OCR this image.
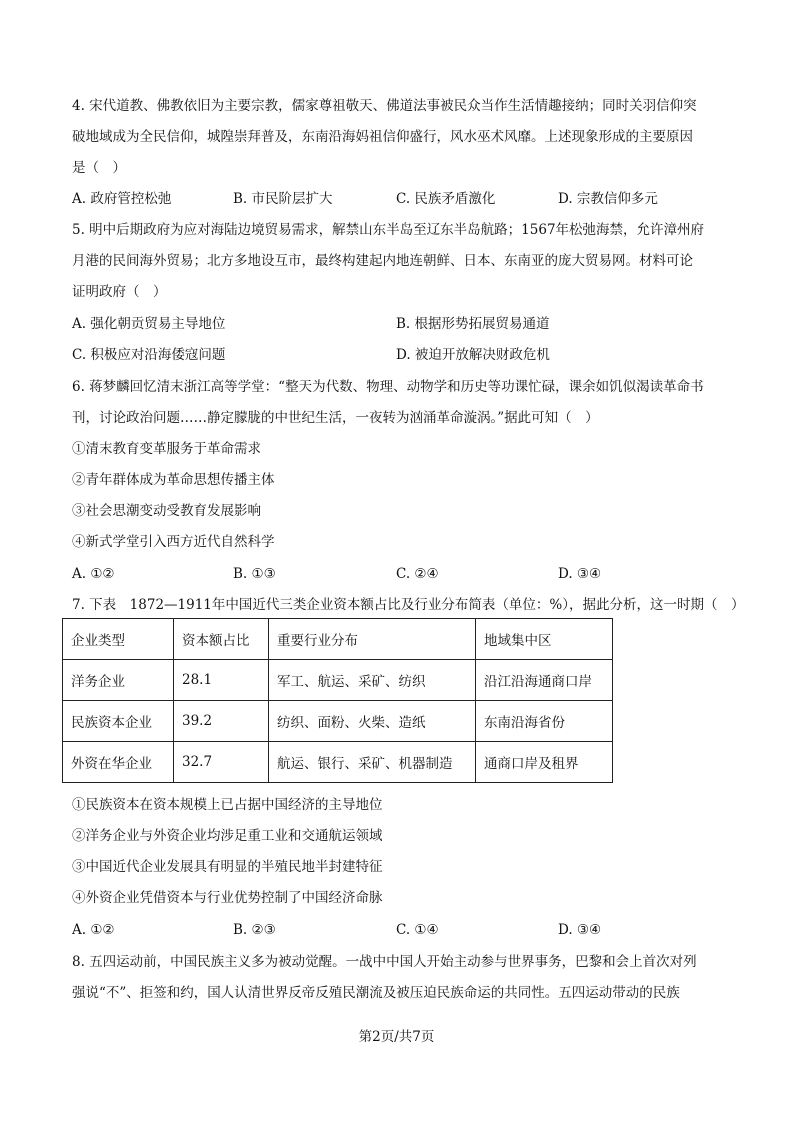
4. 宋代道教、佛教依旧为主要宗教，儒家尊祖敬天、佛道法事被民众当作生活情趣接纳；同时关羽信仰突
破地域成为全民信仰，城隍崇拜普及，东南沿海妈祖信仰盛行，风水巫术风靡。上述现象形成的主要原因
是（　）
A. 政府管控松弛	B. 市民阶层扩大	C. 民族矛盾激化	D. 宗教信仰多元
5. 明中后期政府为应对海陆边境贸易需求，解禁山东半岛至辽东半岛航路；1567年松弛海禁，允许漳州府
月港的民间海外贸易；北方多地设互市，最终构建起内地连朝鲜、日本、东南亚的庞大贸易网。材料可论
证明政府（　）
A. 强化朝贡贸易主导地位	B. 根据形势拓展贸易通道
C. 积极应对沿海倭寇问题	D. 被迫开放解决财政危机
6. 蒋梦麟回忆清末浙江高等学堂：“整天为代数、物理、动物学和历史等功课忙碌，课余如饥似渴读革命书
刊，讨论政治问题……静定朦胧的中世纪生活，一夜转为汹涌革命漩涡。”据此可知（　）
①清末教育变革服务于革命需求
②青年群体成为革命思想传播主体
③社会思潮变动受教育发展影响
④新式学堂引入西方近代自然科学
A. ①②	B. ①③	C. ②④	D. ③④
7. 下表　1872—1911年中国近代三类企业资本额占比及行业分布简表（单位：%），据此分析，这一时期（　）
企业类型	资本额占比	重要行业分布	地域集中区
洋务企业	28.1	军工、航运、采矿、纺织	沿江沿海通商口岸
民族资本企业	39.2	纺织、面粉、火柴、造纸	东南沿海省份
外资在华企业	32.7	航运、银行、采矿、机器制造	通商口岸及租界
①民族资本在资本规模上已占据中国经济的主导地位
②洋务企业与外资企业均涉足重工业和交通航运领域
③中国近代企业发展具有明显的半殖民地半封建特征
④外资企业凭借资本与行业优势控制了中国经济命脉
A. ①②	B. ②③	C. ①④	D. ③④
8. 五四运动前，中国民族主义多为被动觉醒。一战中中国人开始主动参与世界事务，巴黎和会上首次对列
强说“不”、拒签和约，国人认清世界反帝反殖民潮流及被压迫民族命运的共同性。五四运动带动的民族
第2页/共7页
